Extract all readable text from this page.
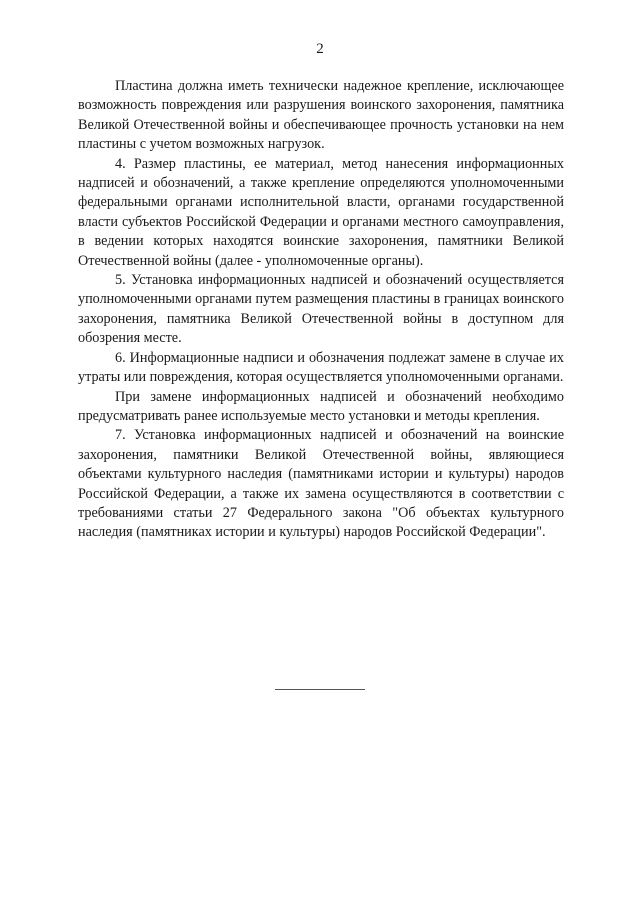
2

Пластина должна иметь технически надежное крепление, исключающее возможность повреждения или разрушения воинского захоронения, памятника Великой Отечественной войны и обеспечивающее прочность установки на нем пластины с учетом возможных нагрузок.

4. Размер пластины, ее материал, метод нанесения информационных надписей и обозначений, а также крепление определяются уполномоченными федеральными органами исполнительной власти, органами государственной власти субъектов Российской Федерации и органами местного самоуправления, в ведении которых находятся воинские захоронения, памятники Великой Отечественной войны (далее - уполномоченные органы).

5. Установка информационных надписей и обозначений осуществляется уполномоченными органами путем размещения пластины в границах воинского захоронения, памятника Великой Отечественной войны в доступном для обозрения месте.

6. Информационные надписи и обозначения подлежат замене в случае их утраты или повреждения, которая осуществляется уполномоченными органами.

При замене информационных надписей и обозначений необходимо предусматривать ранее используемые место установки и методы крепления.

7. Установка информационных надписей и обозначений на воинские захоронения, памятники Великой Отечественной войны, являющиеся объектами культурного наследия (памятниками истории и культуры) народов Российской Федерации, а также их замена осуществляются в соответствии с требованиями статьи 27 Федерального закона "Об объектах культурного наследия (памятниках истории и культуры) народов Российской Федерации".
